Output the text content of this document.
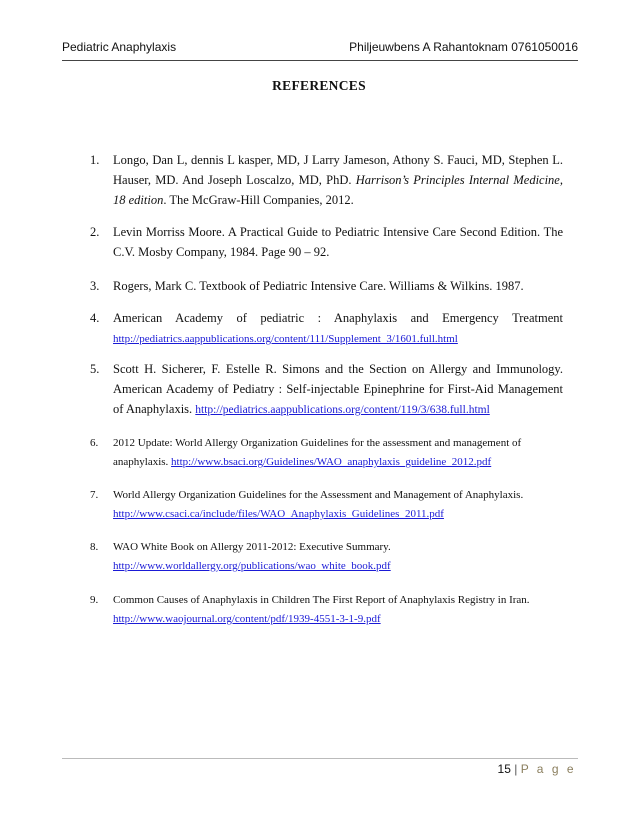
Pediatric Anaphylaxis	Philjeuwbens A Rahantoknam 0761050016
REFERENCES
1. Longo, Dan L, dennis L kasper, MD, J Larry Jameson, Athony S. Fauci, MD, Stephen L. Hauser, MD. And Joseph Loscalzo, MD, PhD. Harrison’s Principles Internal Medicine, 18 edition. The McGraw-Hill Companies, 2012.
2. Levin Morriss Moore. A Practical Guide to Pediatric Intensive Care Second Edition. The C.V. Mosby Company, 1984. Page 90 – 92.
3. Rogers, Mark C. Textbook of Pediatric Intensive Care. Williams & Wilkins. 1987.
4. American Academy of pediatric : Anaphylaxis and Emergency Treatment
http://pediatrics.aappublications.org/content/111/Supplement_3/1601.full.html
5. Scott H. Sicherer, F. Estelle R. Simons and the Section on Allergy and Immunology. American Academy of Pediatry : Self-injectable Epinephrine for First-Aid Management of Anaphylaxis. http://pediatrics.aappublications.org/content/119/3/638.full.html
6. 2012 Update: World Allergy Organization Guidelines for the assessment and management of anaphylaxis. http://www.bsaci.org/Guidelines/WAO_anaphylaxis_guideline_2012.pdf
7. World Allergy Organization Guidelines for the Assessment and Management of Anaphylaxis.
http://www.csaci.ca/include/files/WAO_Anaphylaxis_Guidelines_2011.pdf
8. WAO White Book on Allergy 2011-2012: Executive Summary.
http://www.worldallergy.org/publications/wao_white_book.pdf
9. Common Causes of Anaphylaxis in Children The First Report of Anaphylaxis Registry in Iran. http://www.waojournal.org/content/pdf/1939-4551-3-1-9.pdf
15 | P a g e
